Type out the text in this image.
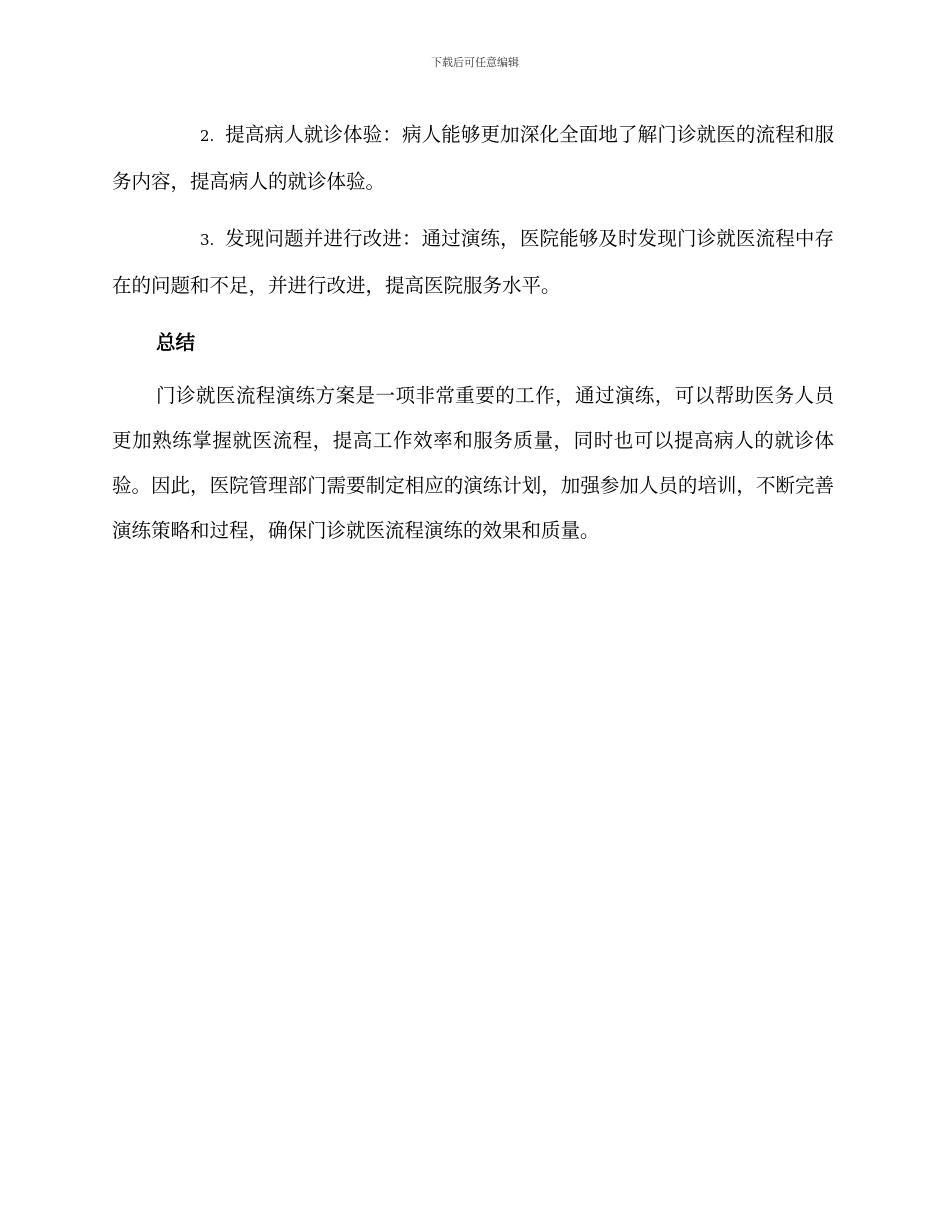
下载后可任意编辑

2. 提高病人就诊体验：病人能够更加深化全面地了解门诊就医的流程和服务内容，提高病人的就诊体验。

3. 发现问题并进行改进：通过演练，医院能够及时发现门诊就医流程中存在的问题和不足，并进行改进，提高医院服务水平。

总结

门诊就医流程演练方案是一项非常重要的工作，通过演练，可以帮助医务人员更加熟练掌握就医流程，提高工作效率和服务质量，同时也可以提高病人的就诊体验。因此，医院管理部门需要制定相应的演练计划，加强参加人员的培训，不断完善演练策略和过程，确保门诊就医流程演练的效果和质量。
